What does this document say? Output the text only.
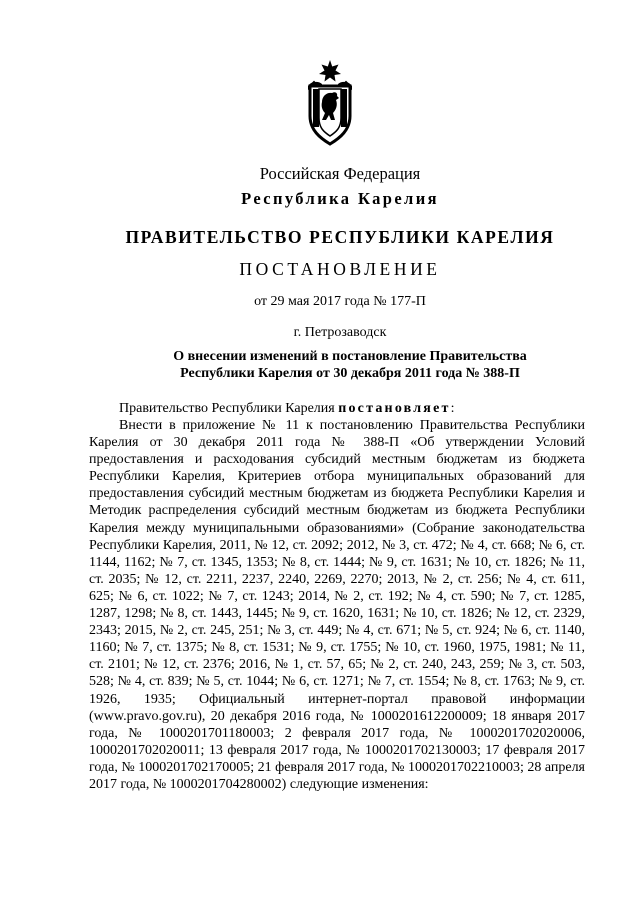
Российская Федерация
Республика Карелия
ПРАВИТЕЛЬСТВО РЕСПУБЛИКИ КАРЕЛИЯ
ПОСТАНОВЛЕНИЕ
от 29 мая 2017 года № 177-П
г. Петрозаводск
О внесении изменений в постановление Правительства
Республики Карелия от 30 декабря 2011 года № 388-П
Правительство Республики Карелия постановляет:

Внести в приложение № 11 к постановлению Правительства Республики Карелия от 30 декабря 2011 года № 388-П «Об утверждении Условий предоставления и расходования субсидий местным бюджетам из бюджета Республики Карелия, Критериев отбора муниципальных образований для предоставления субсидий местным бюджетам из бюджета Республики Карелия и Методик распределения субсидий местным бюджетам из бюджета Республики Карелия между муниципальными образованиями» (Собрание законодательства Республики Карелия, 2011, № 12, ст. 2092; 2012, № 3, ст. 472; № 4, ст. 668; № 6, ст. 1144, 1162; № 7, ст. 1345, 1353; № 8, ст. 1444; № 9, ст. 1631; № 10, ст. 1826; № 11, ст. 2035; № 12, ст. 2211, 2237, 2240, 2269, 2270; 2013, № 2, ст. 256; № 4, ст. 611, 625; № 6, ст. 1022; № 7, ст. 1243; 2014, № 2, ст. 192; № 4, ст. 590; № 7, ст. 1285, 1287, 1298; № 8, ст. 1443, 1445; № 9, ст. 1620, 1631; № 10, ст. 1826; № 12, ст. 2329, 2343; 2015, № 2, ст. 245, 251; № 3, ст. 449; № 4, ст. 671; № 5, ст. 924; № 6, ст. 1140, 1160; № 7, ст. 1375; № 8, ст. 1531; № 9, ст. 1755; № 10, ст. 1960, 1975, 1981; № 11, ст. 2101; № 12, ст. 2376; 2016, № 1, ст. 57, 65; № 2, ст. 240, 243, 259; № 3, ст. 503, 528; № 4, ст. 839; № 5, ст. 1044; № 6, ст. 1271; № 7, ст. 1554; № 8, ст. 1763; № 9, ст. 1926, 1935; Официальный интернет-портал правовой информации (www.pravo.gov.ru), 20 декабря 2016 года, № 1000201612200009; 18 января 2017 года, № 1000201701180003; 2 февраля 2017 года, № 1000201702020006, 1000201702020011; 13 февраля 2017 года, № 1000201702130003; 17 февраля 2017 года, № 1000201702170005; 21 февраля 2017 года, № 1000201702210003; 28 апреля 2017 года, № 1000201704280002) следующие изменения:
